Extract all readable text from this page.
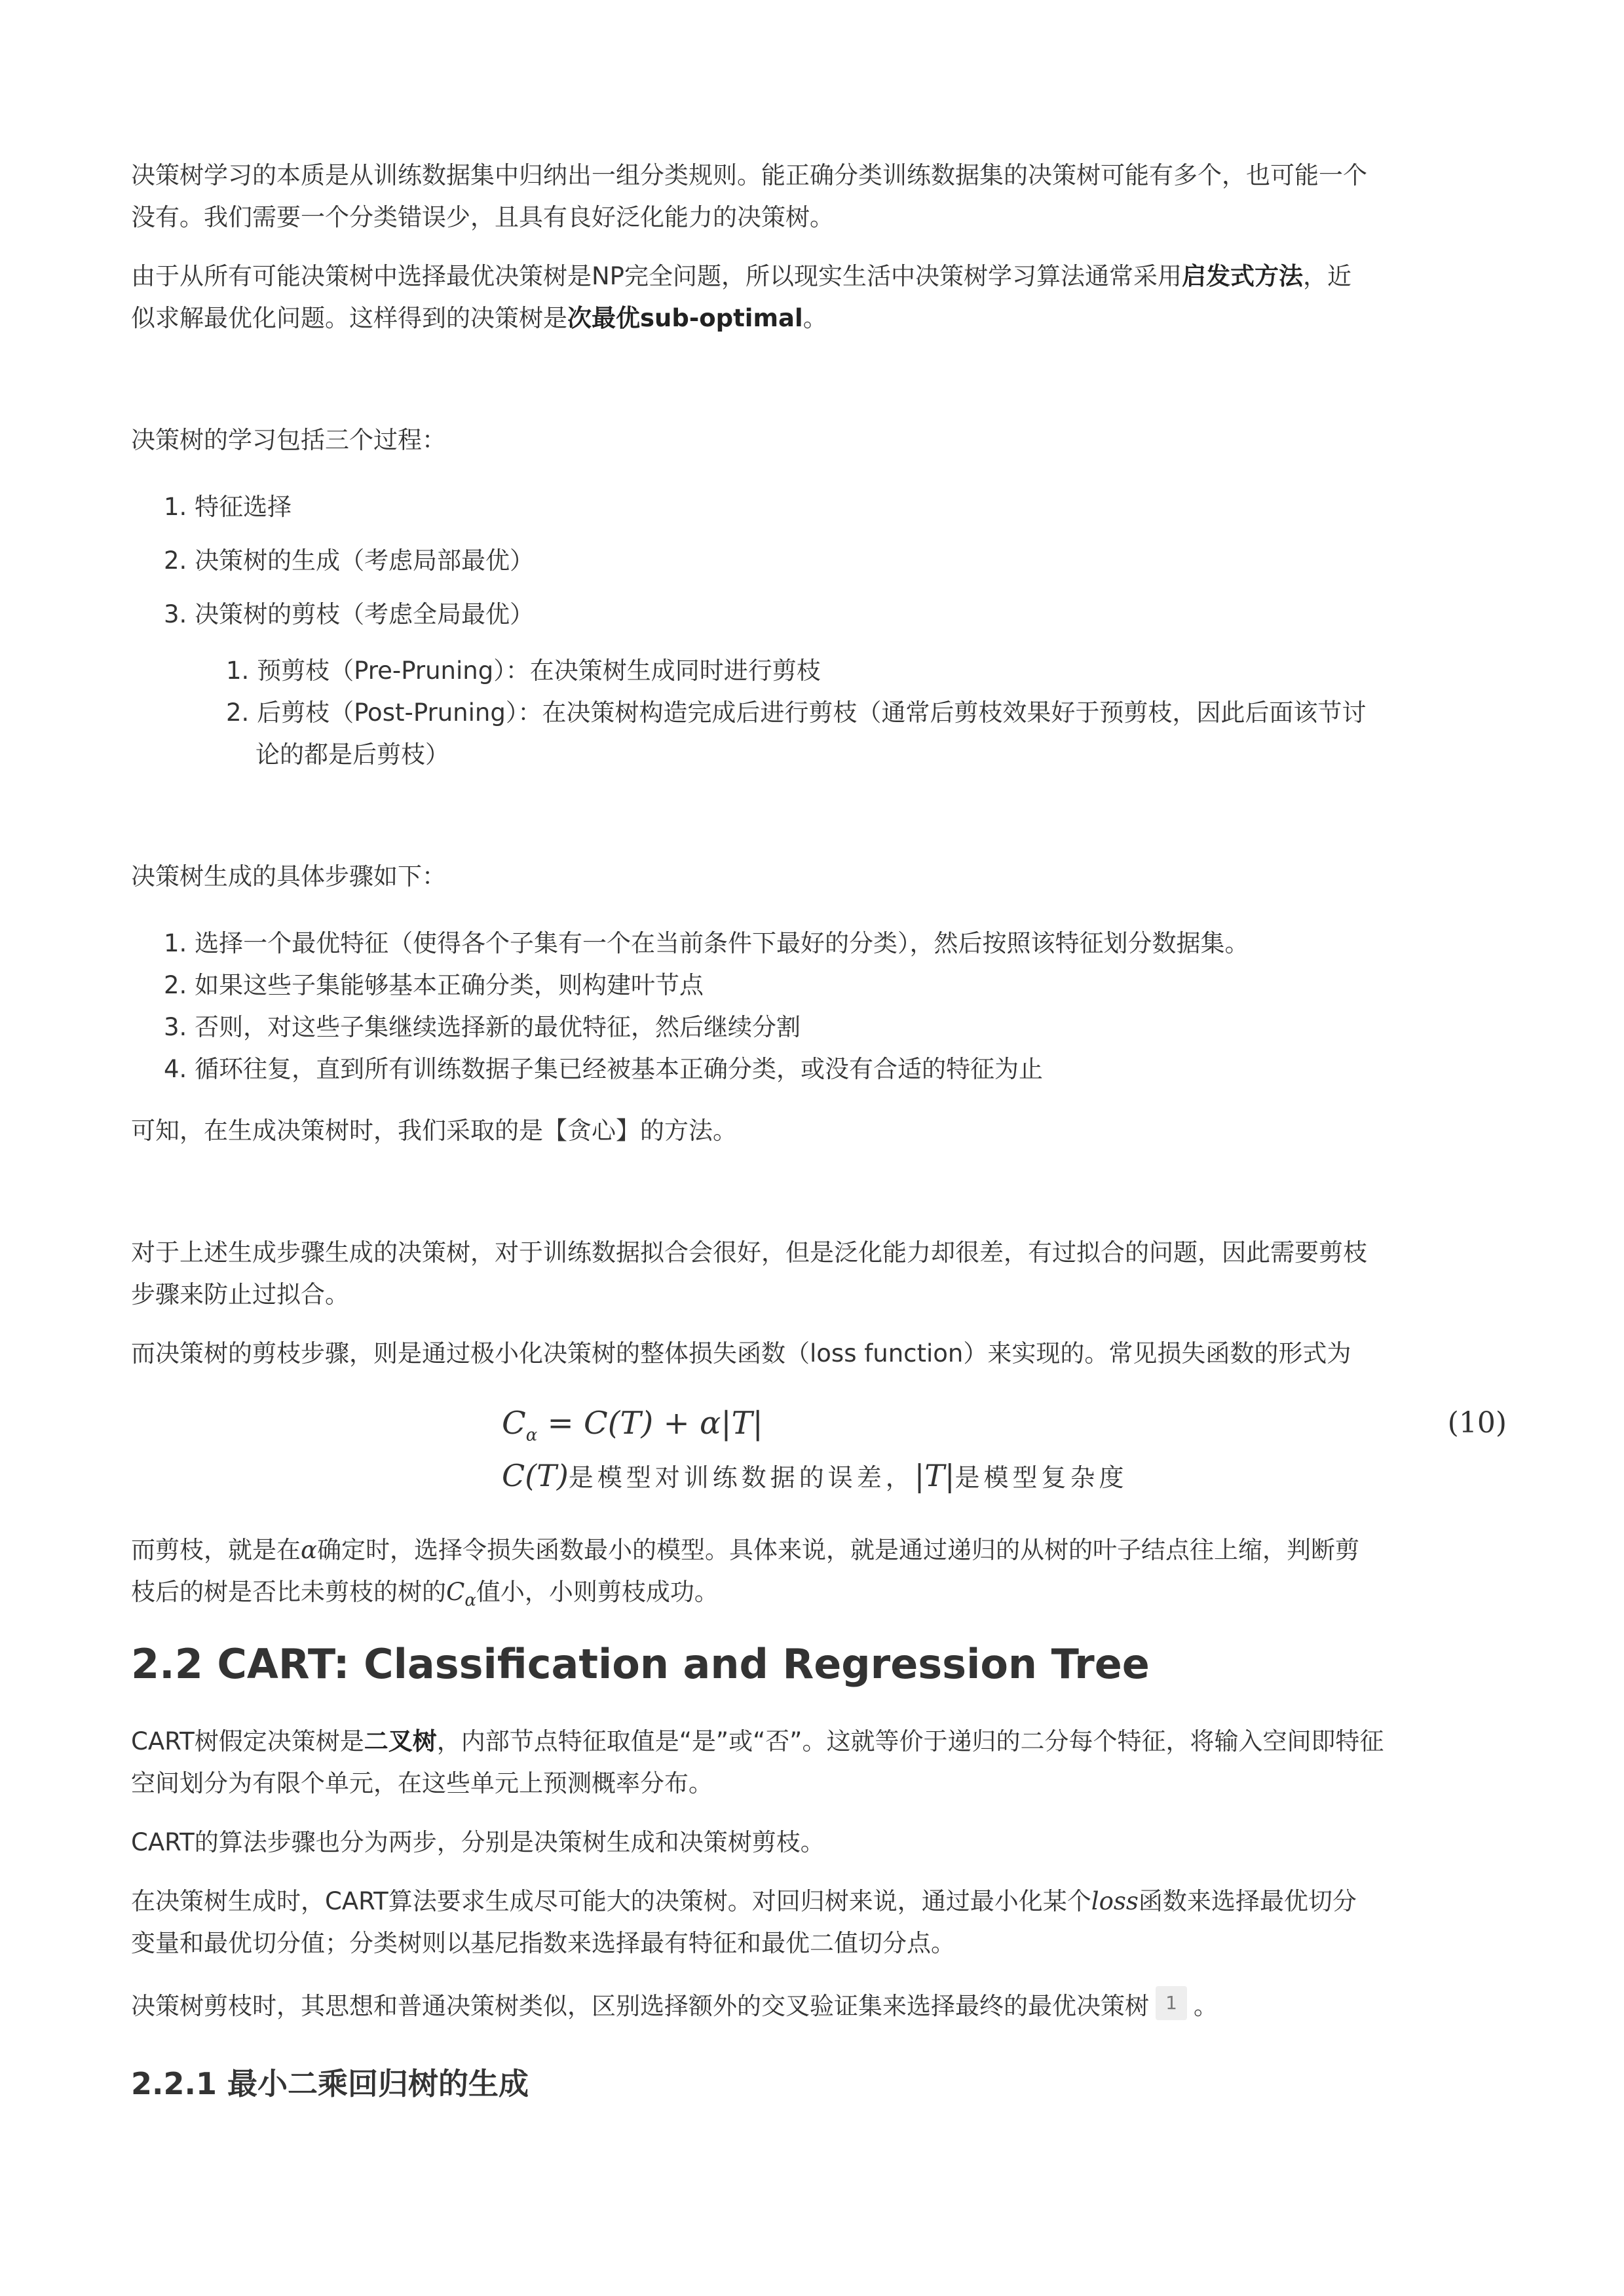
决策树学习的本质是从训练数据集中归纳出一组分类规则。能正确分类训练数据集的决策树可能有多个，也可能一个
没有。我们需要一个分类错误少，且具有良好泛化能力的决策树。
由于从所有可能决策树中选择最优决策树是NP完全问题，所以现实生活中决策树学习算法通常采用启发式方法，近
似求解最优化问题。这样得到的决策树是次最优sub-optimal。
决策树的学习包括三个过程：
1. 特征选择
2. 决策树的生成（考虑局部最优）
3. 决策树的剪枝（考虑全局最优）
1. 预剪枝（Pre-Pruning）：在决策树生成同时进行剪枝
2. 后剪枝（Post-Pruning）：在决策树构造完成后进行剪枝（通常后剪枝效果好于预剪枝，因此后面该节讨
论的都是后剪枝）
决策树生成的具体步骤如下：
1. 选择一个最优特征（使得各个子集有一个在当前条件下最好的分类），然后按照该特征划分数据集。
2. 如果这些子集能够基本正确分类，则构建叶节点
3. 否则，对这些子集继续选择新的最优特征，然后继续分割
4. 循环往复，直到所有训练数据子集已经被基本正确分类，或没有合适的特征为止
可知，在生成决策树时，我们采取的是【贪心】的方法。
对于上述生成步骤生成的决策树，对于训练数据拟合会很好，但是泛化能力却很差，有过拟合的问题，因此需要剪枝
步骤来防止过拟合。
而决策树的剪枝步骤，则是通过极小化决策树的整体损失函数（loss function）来实现的。常见损失函数的形式为
$C_\alpha = C(T) + \alpha|T|$	(10)
C(T)是模型对训练数据的误差，|T|是模型复杂度
而剪枝，就是在α确定时，选择令损失函数最小的模型。具体来说，就是通过递归的从树的叶子结点往上缩，判断剪
枝后的树是否比未剪枝的树的$C_\alpha$值小，小则剪枝成功。
2.2 CART: Classification and Regression Tree
CART树假定决策树是二叉树，内部节点特征取值是“是”或“否”。这就等价于递归的二分每个特征，将输入空间即特征
空间划分为有限个单元，在这些单元上预测概率分布。
CART的算法步骤也分为两步，分别是决策树生成和决策树剪枝。
在决策树生成时，CART算法要求生成尽可能大的决策树。对回归树来说，通过最小化某个loss函数来选择最优切分
变量和最优切分值；分类树则以基尼指数来选择最有特征和最优二值切分点。
决策树剪枝时，其思想和普通决策树类似，区别选择额外的交叉验证集来选择最终的最优决策树 1 。
2.2.1 最小二乘回归树的生成
